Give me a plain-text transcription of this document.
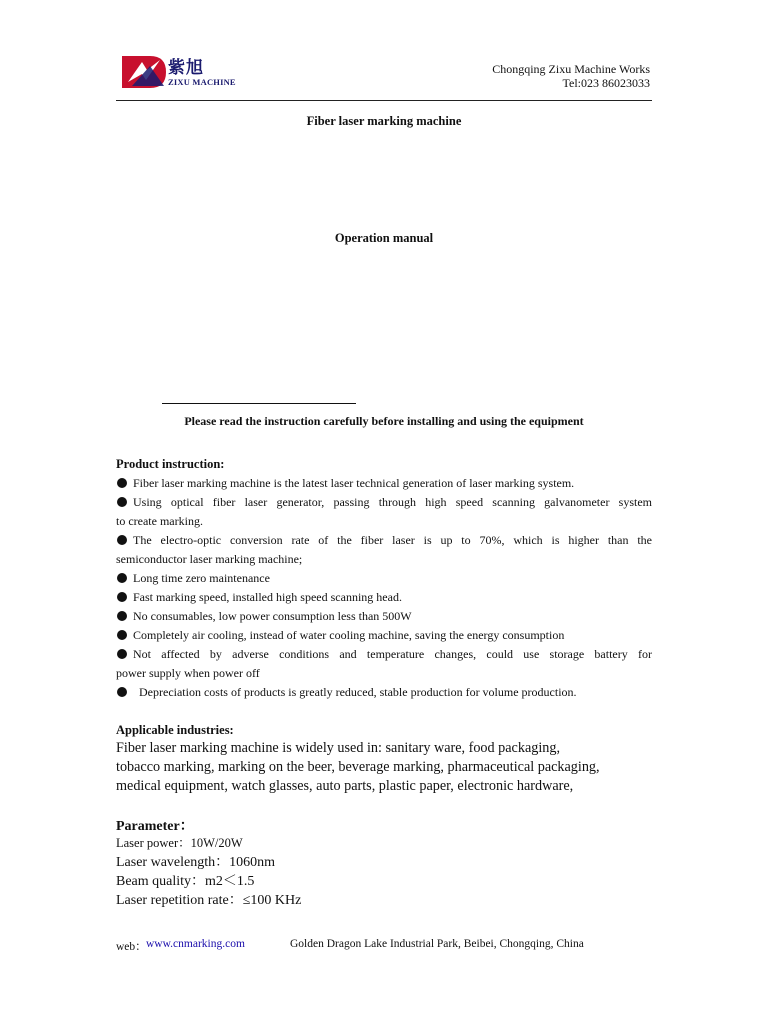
紫旭
ZIXU MACHINE
Chongqing Zixu Machine Works
Tel:023 86023033
Fiber laser marking machine
Operation manual
Please read the instruction carefully before installing and using the equipment
Product instruction:

Fiber laser marking machine is the latest laser technical generation of laser marking system.

Using optical fiber laser generator, passing through high speed scanning galvanometer system

to create marking.

The electro-optic conversion rate of the fiber laser is up to 70%, which is higher than the

semiconductor laser marking machine;

Long time zero maintenance

Fast marking speed, installed high speed scanning head.

No consumables, low power consumption less than 500W

Completely air cooling, instead of water cooling machine, saving the energy consumption

Not affected by adverse conditions and temperature changes, could use storage battery for

power supply when power off

Depreciation costs of products is greatly reduced, stable production for volume production.

Applicable industries:

Fiber laser marking machine is widely used in: sanitary ware, food packaging,

tobacco marking, marking on the beer, beverage marking, pharmaceutical packaging,

medical equipment, watch glasses, auto parts, plastic paper, electronic hardware,

Parameter：

Laser power：10W/20W

Laser wavelength：1060nm

Beam quality：m2＜1.5

Laser repetition rate：≤100 KHz

web： www.cnmarking.com	Golden Dragon Lake Industrial Park, Beibei, Chongqing, China
